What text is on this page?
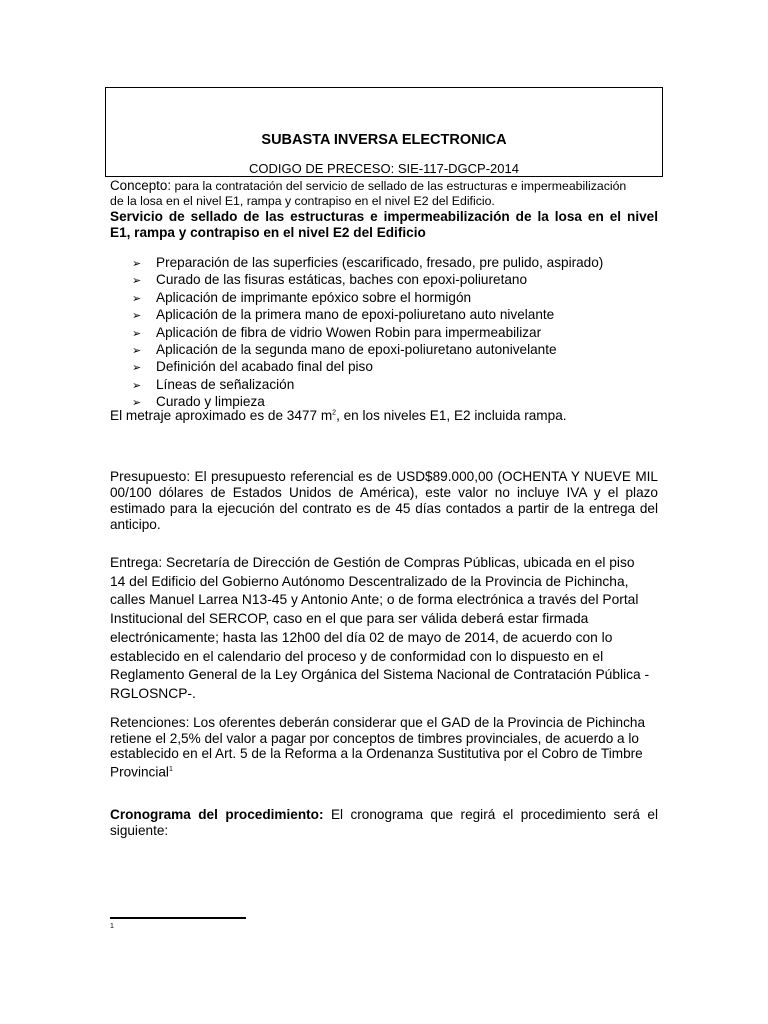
SUBASTA INVERSA ELECTRONICA
CODIGO DE PRECESO: SIE-117-DGCP-2014
Concepto: para la contratación del servicio de sellado de las estructuras e impermeabilización
de la losa en el nivel E1, rampa y contrapiso en el nivel E2 del Edificio.
Servicio de sellado de las estructuras e impermeabilización de la losa en el nivel
E1, rampa y contrapiso en el nivel E2 del Edificio
➢ Preparación de las superficies (escarificado, fresado, pre pulido, aspirado)
➢ Curado de las fisuras estáticas, baches con epoxi-poliuretano
➢ Aplicación de imprimante epóxico sobre el hormigón
➢ Aplicación de la primera mano de epoxi-poliuretano auto nivelante
➢ Aplicación de fibra de vidrio Wowen Robin para impermeabilizar
➢ Aplicación de la segunda mano de epoxi-poliuretano autonivelante
➢ Definición del acabado final del piso
➢ Líneas de señalización
➢ Curado y limpieza
El metraje aproximado es de 3477 $m^2$, en los niveles E1, E2 incluida rampa.
Presupuesto: El presupuesto referencial es de USD$89.000,00 (OCHENTA Y NUEVE MIL 00/100 dólares de Estados Unidos de América), este valor no incluye IVA y el plazo estimado para la ejecución del contrato es de 45 días contados a partir de la entrega del anticipo.
Entrega: Secretaría de Dirección de Gestión de Compras Públicas, ubicada en el piso
14 del Edificio del Gobierno Autónomo Descentralizado de la Provincia de Pichincha,
calles Manuel Larrea N13-45 y Antonio Ante; o de forma electrónica a través del Portal
Institucional del SERCOP, caso en el que para ser válida deberá estar firmada
electrónicamente; hasta las 12h00 del día 02 de mayo de 2014, de acuerdo con lo
establecido en el calendario del proceso y de conformidad con lo dispuesto en el
Reglamento General de la Ley Orgánica del Sistema Nacional de Contratación Pública -
RGLOSNCP-.
Retenciones: Los oferentes deberán considerar que el GAD de la Provincia de Pichincha
retiene el 2,5% del valor a pagar por conceptos de timbres provinciales, de acuerdo a lo
establecido en el Art. 5 de la Reforma a la Ordenanza Sustitutiva por el Cobro de Timbre
Provincial$^1$
Cronograma del procedimiento: El cronograma que regirá el procedimiento será el siguiente:
1
